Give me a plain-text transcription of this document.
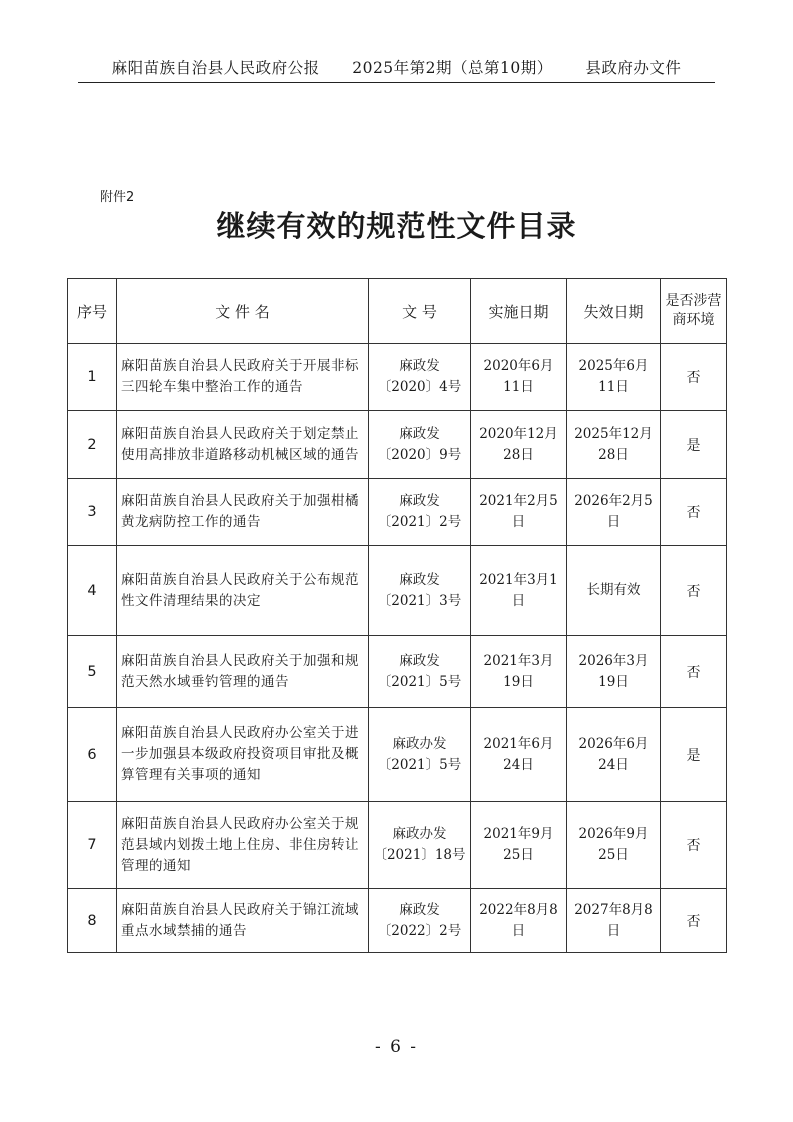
麻阳苗族自治县人民政府公报 2025年第2期（总第10期） 县政府办文件
附件2
继续有效的规范性文件目录
序号	文 件 名	文 号	实施日期	失效日期	是否涉营商环境
1	麻阳苗族自治县人民政府关于开展非标三四轮车集中整治工作的通告	麻政发〔2020〕4号	2020年6月11日	2025年6月11日	否
2	麻阳苗族自治县人民政府关于划定禁止使用高排放非道路移动机械区域的通告	麻政发〔2020〕9号	2020年12月28日	2025年12月28日	是
3	麻阳苗族自治县人民政府关于加强柑橘黄龙病防控工作的通告	麻政发〔2021〕2号	2021年2月5日	2026年2月5日	否
4	麻阳苗族自治县人民政府关于公布规范性文件清理结果的决定	麻政发〔2021〕3号	2021年3月1日	长期有效	否
5	麻阳苗族自治县人民政府关于加强和规范天然水域垂钓管理的通告	麻政发〔2021〕5号	2021年3月19日	2026年3月19日	否
6	麻阳苗族自治县人民政府办公室关于进一步加强县本级政府投资项目审批及概算管理有关事项的通知	麻政办发〔2021〕5号	2021年6月24日	2026年6月24日	是
7	麻阳苗族自治县人民政府办公室关于规范县域内划拨土地上住房、非住房转让管理的通知	麻政办发〔2021〕18号	2021年9月25日	2026年9月25日	否
8	麻阳苗族自治县人民政府关于锦江流域重点水域禁捕的通告	麻政发〔2022〕2号	2022年8月8日	2027年8月8日	否
- 6 -
